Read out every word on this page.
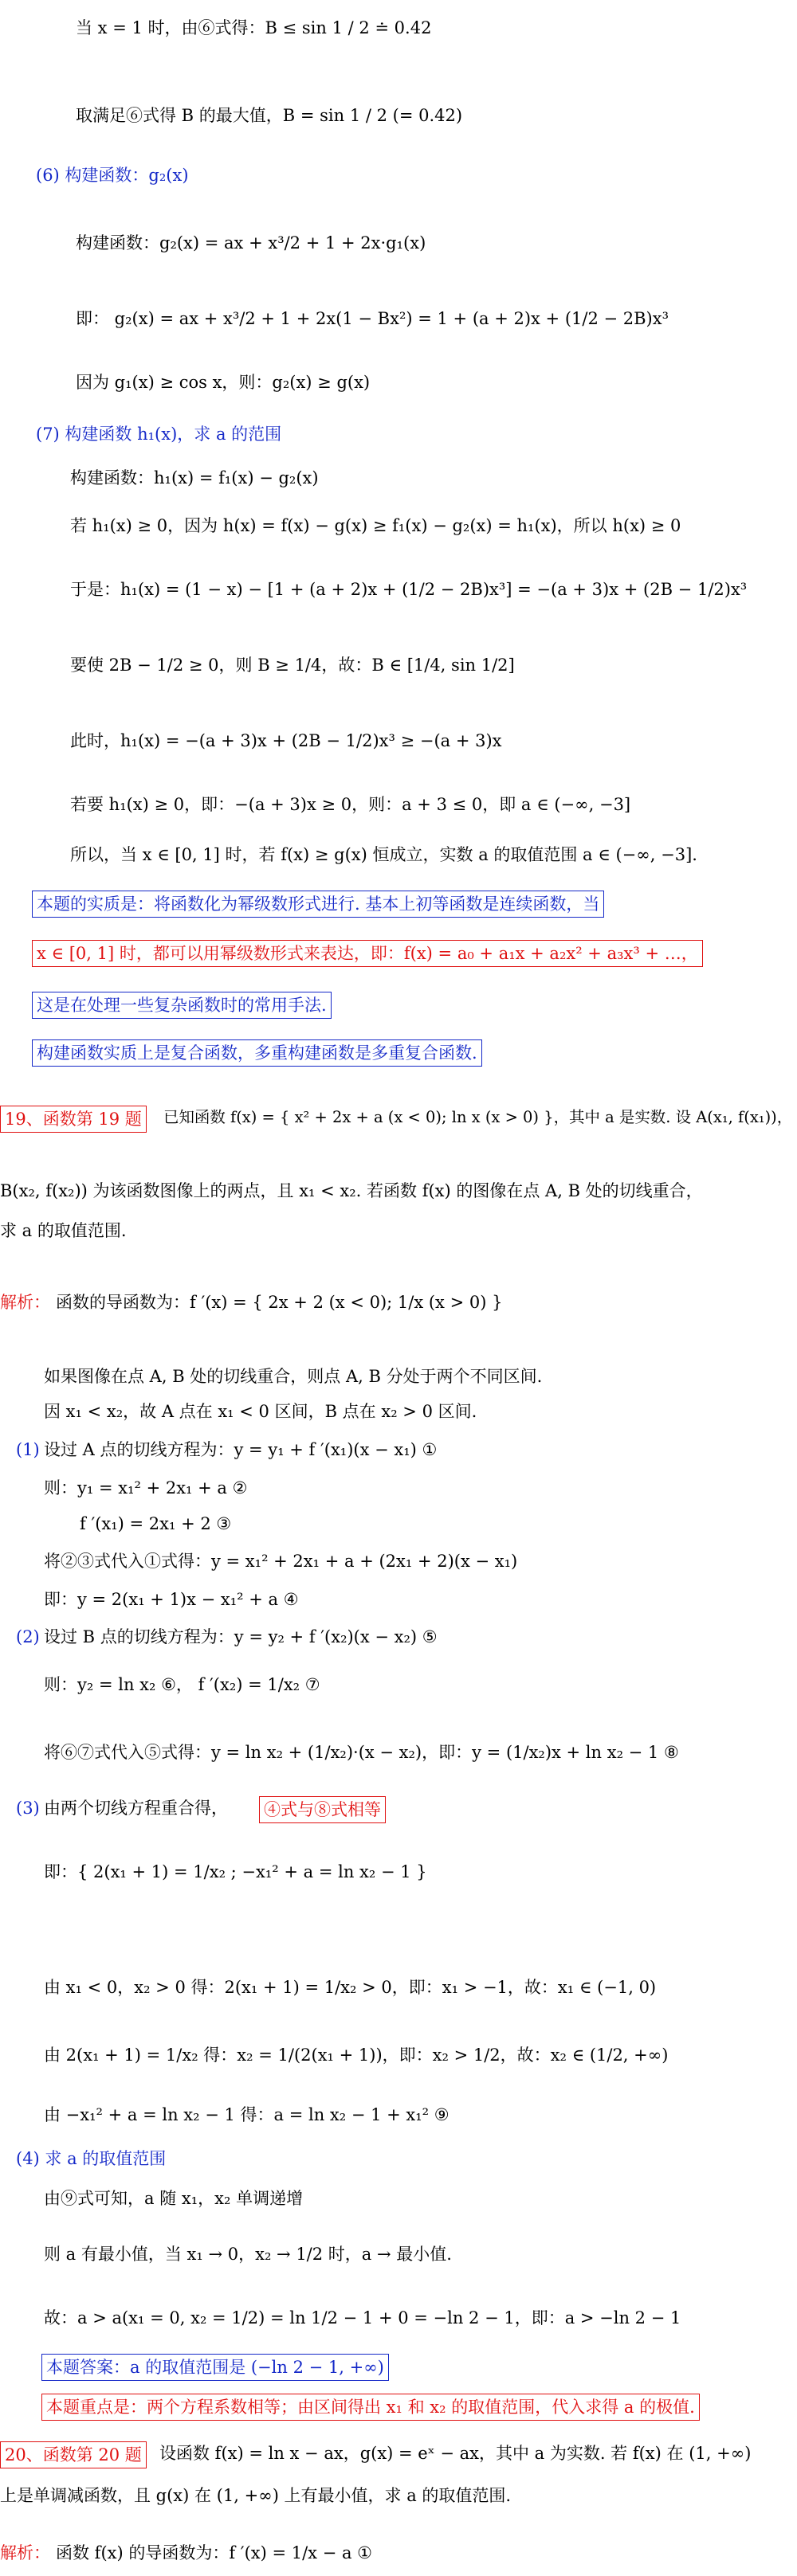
当 x = 1 时，由⑥式得：B ≤ sin 1 / 2 ≐ 0.42
取满足⑥式得 B 的最大值，B = sin 1 / 2 (= 0.42)
(6) 构建函数：g₂(x)
构建函数：g₂(x) = ax + x³/2 + 1 + 2x·g₁(x)
即： g₂(x) = ax + x³/2 + 1 + 2x(1 − Bx²) = 1 + (a + 2)x + (1/2 − 2B)x³
因为 g₁(x) ≥ cos x，则：g₂(x) ≥ g(x)
(7) 构建函数 h₁(x)，求 a 的范围
构建函数：h₁(x) = f₁(x) − g₂(x)
若 h₁(x) ≥ 0，因为 h(x) = f(x) − g(x) ≥ f₁(x) − g₂(x) = h₁(x)，所以 h(x) ≥ 0
于是：h₁(x) = (1 − x) − [1 + (a + 2)x + (1/2 − 2B)x³] = −(a + 3)x + (2B − 1/2)x³
要使 2B − 1/2 ≥ 0，则 B ≥ 1/4，故：B ∈ [1/4, sin 1/2]
此时，h₁(x) = −(a + 3)x + (2B − 1/2)x³ ≥ −(a + 3)x
若要 h₁(x) ≥ 0，即：−(a + 3)x ≥ 0，则：a + 3 ≤ 0，即 a ∈ (−∞, −3]
所以，当 x ∈ [0, 1] 时，若 f(x) ≥ g(x) 恒成立，实数 a 的取值范围 a ∈ (−∞, −3].
本题的实质是：将函数化为幂级数形式进行. 基本上初等函数是连续函数，当
x ∈ [0, 1] 时，都可以用幂级数形式来表达，即：f(x) = a₀ + a₁x + a₂x² + a₃x³ + …，
这是在处理一些复杂函数时的常用手法.
构建函数实质上是复合函数，多重构建函数是多重复合函数.
19、函数第 19 题	已知函数 f(x) = { x² + 2x + a (x < 0); ln x (x > 0) }，其中 a 是实数. 设 A(x₁, f(x₁))，
B(x₂, f(x₂)) 为该函数图像上的两点，且 x₁ < x₂. 若函数 f(x) 的图像在点 A, B 处的切线重合，
求 a 的取值范围.
解析： 函数的导函数为：f ′(x) = { 2x + 2 (x < 0); 1/x (x > 0) }
如果图像在点 A, B 处的切线重合，则点 A, B 分处于两个不同区间.
因 x₁ < x₂，故 A 点在 x₁ < 0 区间，B 点在 x₂ > 0 区间.
(1) 设过 A 点的切线方程为：y = y₁ + f ′(x₁)(x − x₁) ①
则：y₁ = x₁² + 2x₁ + a ②
f ′(x₁) = 2x₁ + 2 ③
将②③式代入①式得：y = x₁² + 2x₁ + a + (2x₁ + 2)(x − x₁)
即：y = 2(x₁ + 1)x − x₁² + a ④
(2) 设过 B 点的切线方程为：y = y₂ + f ′(x₂)(x − x₂) ⑤
则：y₂ = ln x₂ ⑥， f ′(x₂) = 1/x₂ ⑦
将⑥⑦式代入⑤式得：y = ln x₂ + (1/x₂)·(x − x₂)，即：y = (1/x₂)x + ln x₂ − 1 ⑧
(3) 由两个切线方程重合得， ④式与⑧式相等
即：{ 2(x₁ + 1) = 1/x₂ ; −x₁² + a = ln x₂ − 1 }
由 x₁ < 0，x₂ > 0 得：2(x₁ + 1) = 1/x₂ > 0，即：x₁ > −1，故：x₁ ∈ (−1, 0)
由 2(x₁ + 1) = 1/x₂ 得：x₂ = 1/(2(x₁ + 1))，即：x₂ > 1/2，故：x₂ ∈ (1/2, +∞)
由 −x₁² + a = ln x₂ − 1 得：a = ln x₂ − 1 + x₁² ⑨
(4) 求 a 的取值范围
由⑨式可知，a 随 x₁，x₂ 单调递增
则 a 有最小值，当 x₁ → 0，x₂ → 1/2 时，a → 最小值.
故：a > a(x₁ = 0, x₂ = 1/2) = ln 1/2 − 1 + 0 = −ln 2 − 1，即：a > −ln 2 − 1
本题答案：a 的取值范围是 (−ln 2 − 1, +∞)
本题重点是：两个方程系数相等；由区间得出 x₁ 和 x₂ 的取值范围，代入求得 a 的极值.
20、函数第 20 题 设函数 f(x) = ln x − ax，g(x) = eˣ − ax，其中 a 为实数. 若 f(x) 在 (1, +∞)
上是单调减函数，且 g(x) 在 (1, +∞) 上有最小值，求 a 的取值范围.
解析： 函数 f(x) 的导函数为：f ′(x) = 1/x − a ①
